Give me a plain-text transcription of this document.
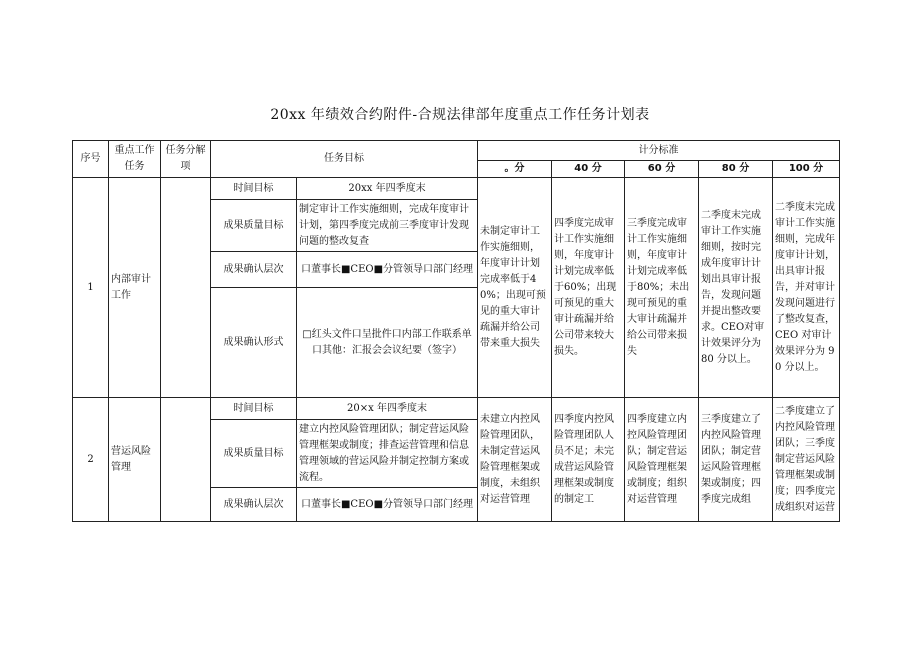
20xx 年绩效合约附件-合规法律部年度重点工作任务计划表
序号	重点工作任务	任务分解项	任务目标		计分标准				
					。分	40 分	60 分	80 分	100 分
1	内部审计工作		时间目标	20xx 年四季度末	未制定审计工作实施细则，年度审计计划完成率低于40%；出现可预见的重大审计疏漏并给公司带来重大损失	四季度完成审计工作实施细则，年度审计计划完成率低于60%；出现可预见的重大审计疏漏并给公司带来较大损失。	三季度完成审计工作实施细则，年度审计计划完成率低于80%；未出现可预见的重大审计疏漏并给公司带来损失	二季度末完成审计工作实施细则，按时完成年度审计计划出具审计报告，发现问题并提出整改要求。CEO对审计效果评分为 80 分以上。	二季度末完成审计工作实施细则，完成年度审计计划，出具审计报告，并对审计发现问题进行了整改复查，CEO 对审计效果评分为 90 分以上。
			成果质量目标	制定审计工作实施细则，完成年度审计计划，第四季度完成前三季度审计发现问题的整改复查					
			成果确认层次	口董事长■CEO■分管领导口部门经理					
			成果确认形式	□红头文件口呈批件口内部工作联系单口其他：汇报会会议纪要（签字）					
2	营运风险管理		时间目标	20×x 年四季度末	未建立内控风险管理团队，未制定营运风险管理框架或制度，未组织对运营管理	四季度内控风险管理团队人员不足；未完成营运风险管理框架或制度的制定工	四季度建立内控风险管理团队；制定营运风险管理框架或制度；组织对运营管理	三季度建立了内控风险管理团队；制定营运风险管理框架或制度；四季度完成组	二季度建立了内控风险管理团队；三季度制定营运风险管理框架或制度；四季度完成组织对运营
			成果质量目标	建立内控风险管理团队；制定营运风险管理框架或制度；排查运营管理和信息管理领域的营运风险并制定控制方案或流程。					
			成果确认层次	口董事长■CEO■分管领导口部门经理					
